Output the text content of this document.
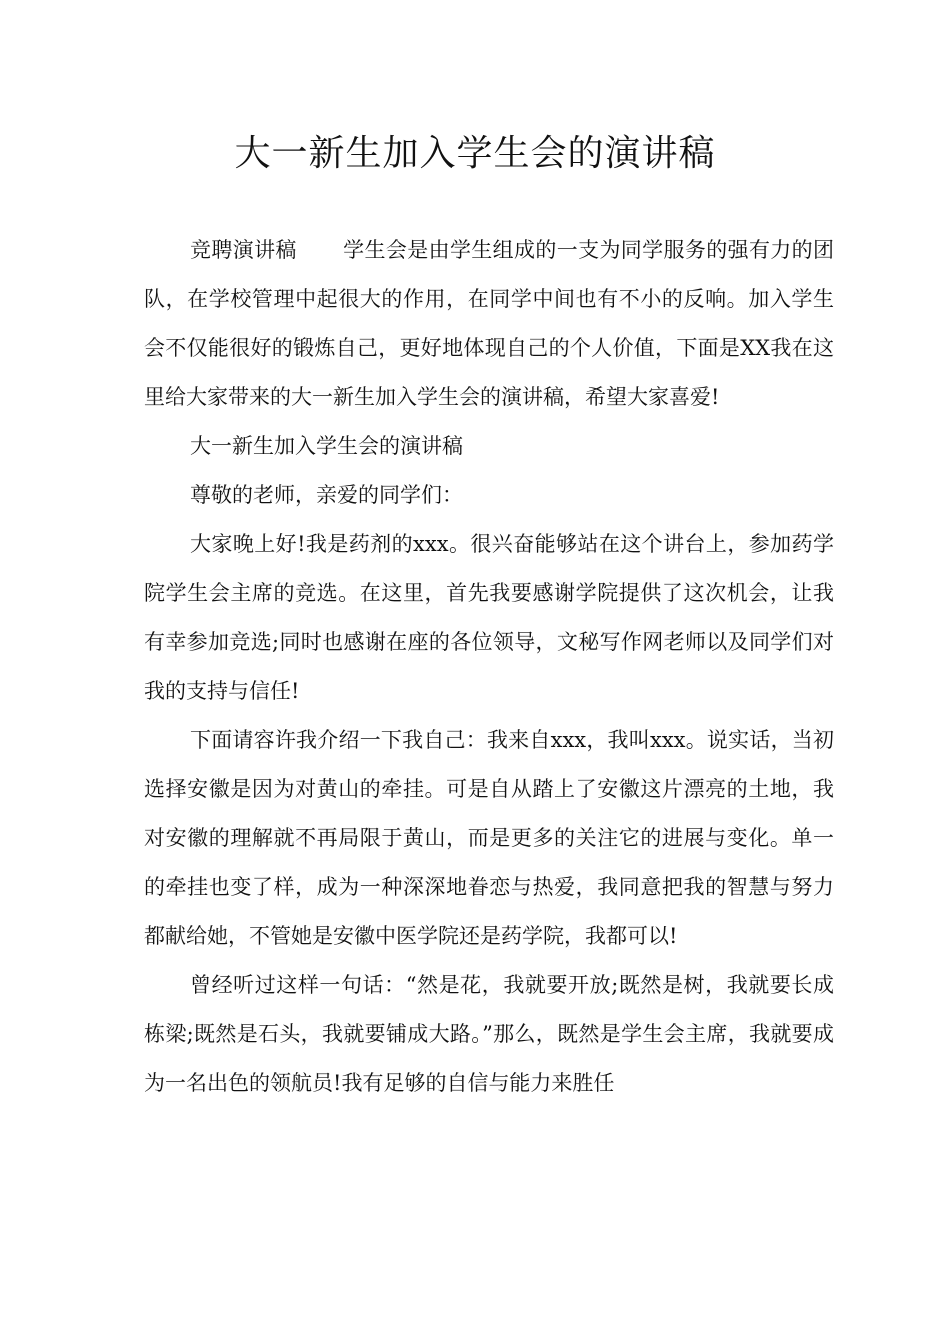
大一新生加入学生会的演讲稿

竞聘演讲稿 学生会是由学生组成的一支为同学服务的强有力的团队，在学校管理中起很大的作用，在同学中间也有不小的反响。加入学生会不仅能很好的锻炼自己，更好地体现自己的个人价值，下面是XX我在这里给大家带来的大一新生加入学生会的演讲稿，希望大家喜爱!

大一新生加入学生会的演讲稿

尊敬的老师，亲爱的同学们：

大家晚上好!我是药剂的xxx。很兴奋能够站在这个讲台上，参加药学院学生会主席的竞选。在这里，首先我要感谢学院提供了这次机会，让我有幸参加竞选;同时也感谢在座的各位领导，文秘写作网老师以及同学们对我的支持与信任!

下面请容许我介绍一下我自己：我来自xxx，我叫xxx。说实话，当初选择安徽是因为对黄山的牵挂。可是自从踏上了安徽这片漂亮的土地，我对安徽的理解就不再局限于黄山，而是更多的关注它的进展与变化。单一的牵挂也变了样，成为一种深深地眷恋与热爱，我同意把我的智慧与努力都献给她，不管她是安徽中医学院还是药学院，我都可以!

曾经听过这样一句话：“然是花，我就要开放;既然是树，我就要长成栋梁;既然是石头，我就要铺成大路。”那么，既然是学生会主席，我就要成为一名出色的领航员!我有足够的自信与能力来胜任
